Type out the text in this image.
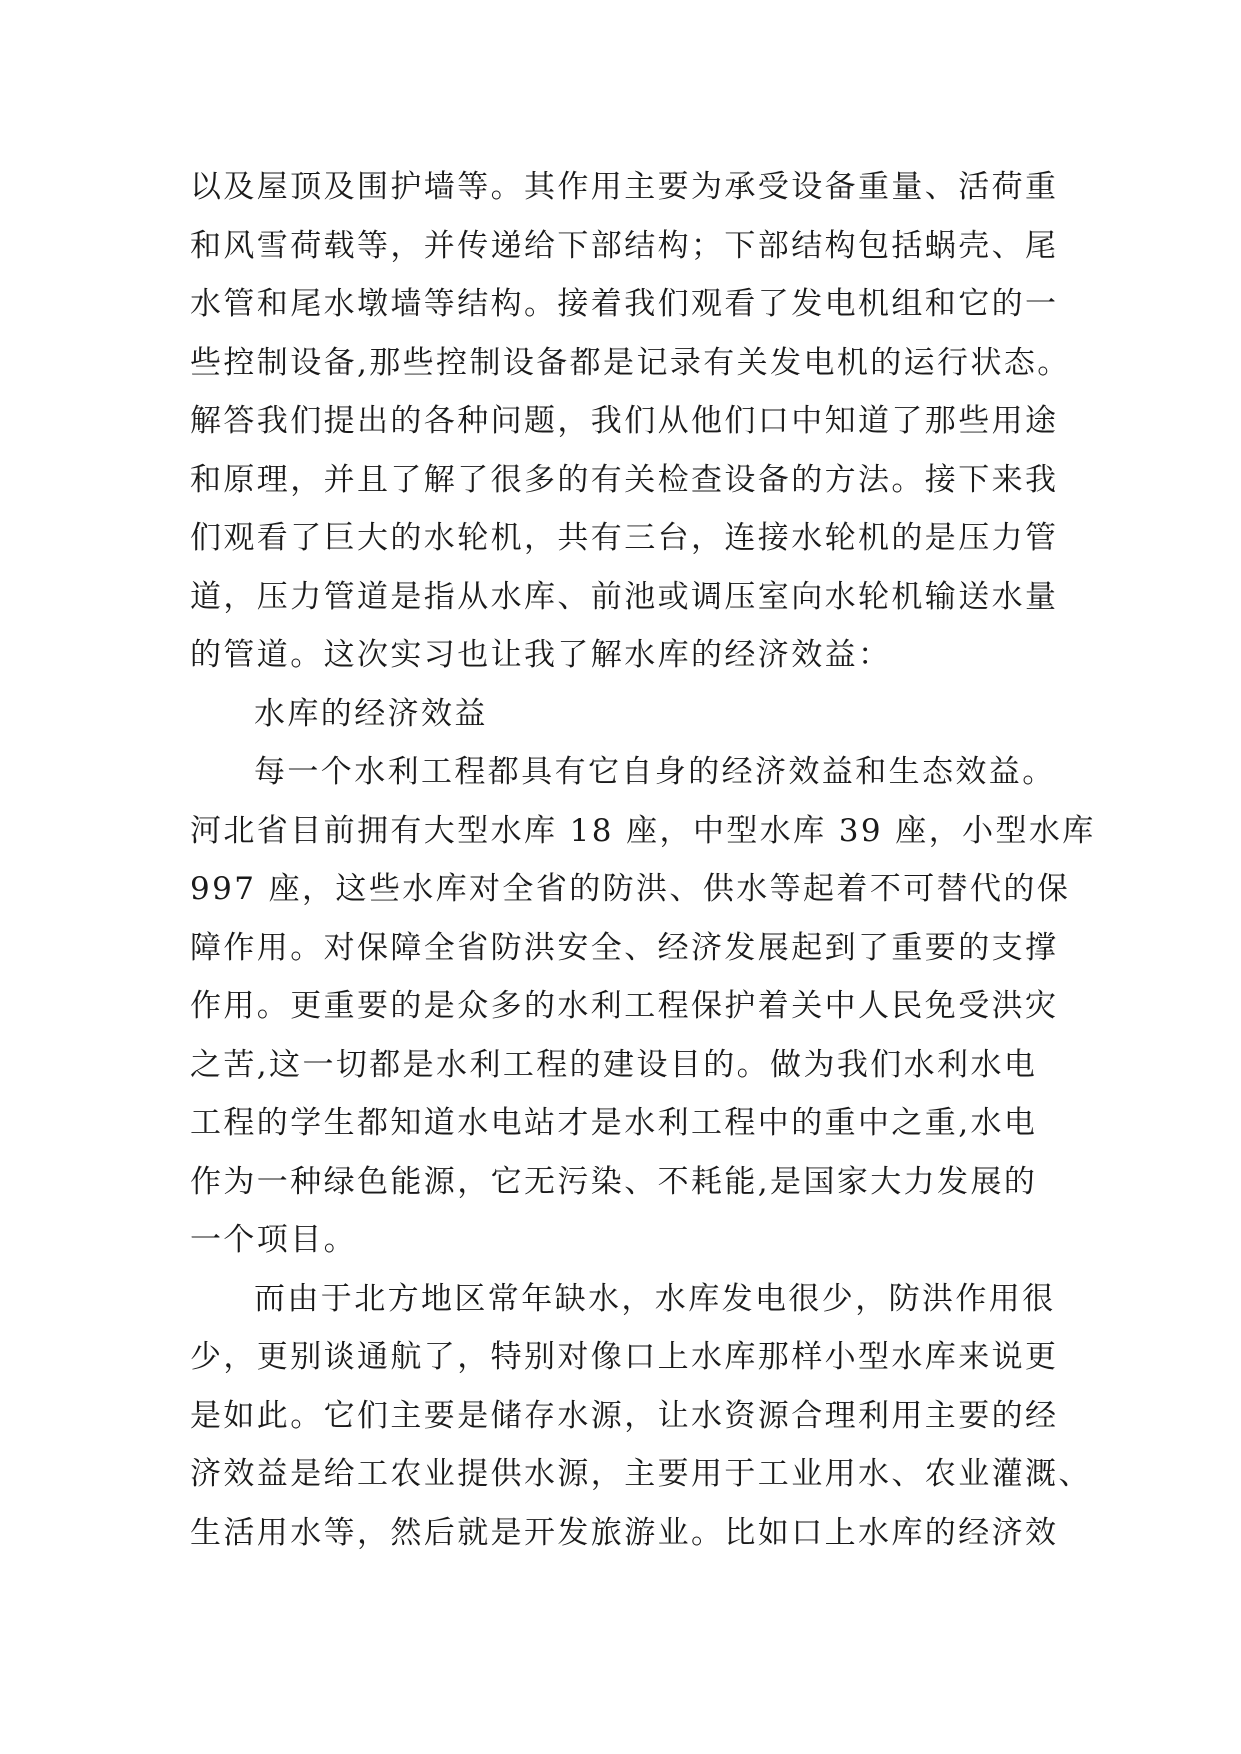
以及屋顶及围护墙等。其作用主要为承受设备重量、活荷重
和风雪荷载等，并传递给下部结构；下部结构包括蜗壳、尾
水管和尾水墩墙等结构。接着我们观看了发电机组和它的一
些控制设备,那些控制设备都是记录有关发电机的运行状态。
解答我们提出的各种问题，我们从他们口中知道了那些用途
和原理，并且了解了很多的有关检查设备的方法。接下来我
们观看了巨大的水轮机，共有三台，连接水轮机的是压力管
道，压力管道是指从水库、前池或调压室向水轮机输送水量
的管道。这次实习也让我了解水库的经济效益：
水库的经济效益
每一个水利工程都具有它自身的经济效益和生态效益。
河北省目前拥有大型水库 18 座，中型水库 39 座，小型水库
997 座，这些水库对全省的防洪、供水等起着不可替代的保
障作用。对保障全省防洪安全、经济发展起到了重要的支撑
作用。更重要的是众多的水利工程保护着关中人民免受洪灾
之苦,这一切都是水利工程的建设目的。做为我们水利水电
工程的学生都知道水电站才是水利工程中的重中之重,水电
作为一种绿色能源，它无污染、不耗能,是国家大力发展的
一个项目。
而由于北方地区常年缺水，水库发电很少，防洪作用很
少，更别谈通航了，特别对像口上水库那样小型水库来说更
是如此。它们主要是储存水源，让水资源合理利用主要的经
济效益是给工农业提供水源，主要用于工业用水、农业灌溉、
生活用水等，然后就是开发旅游业。比如口上水库的经济效
